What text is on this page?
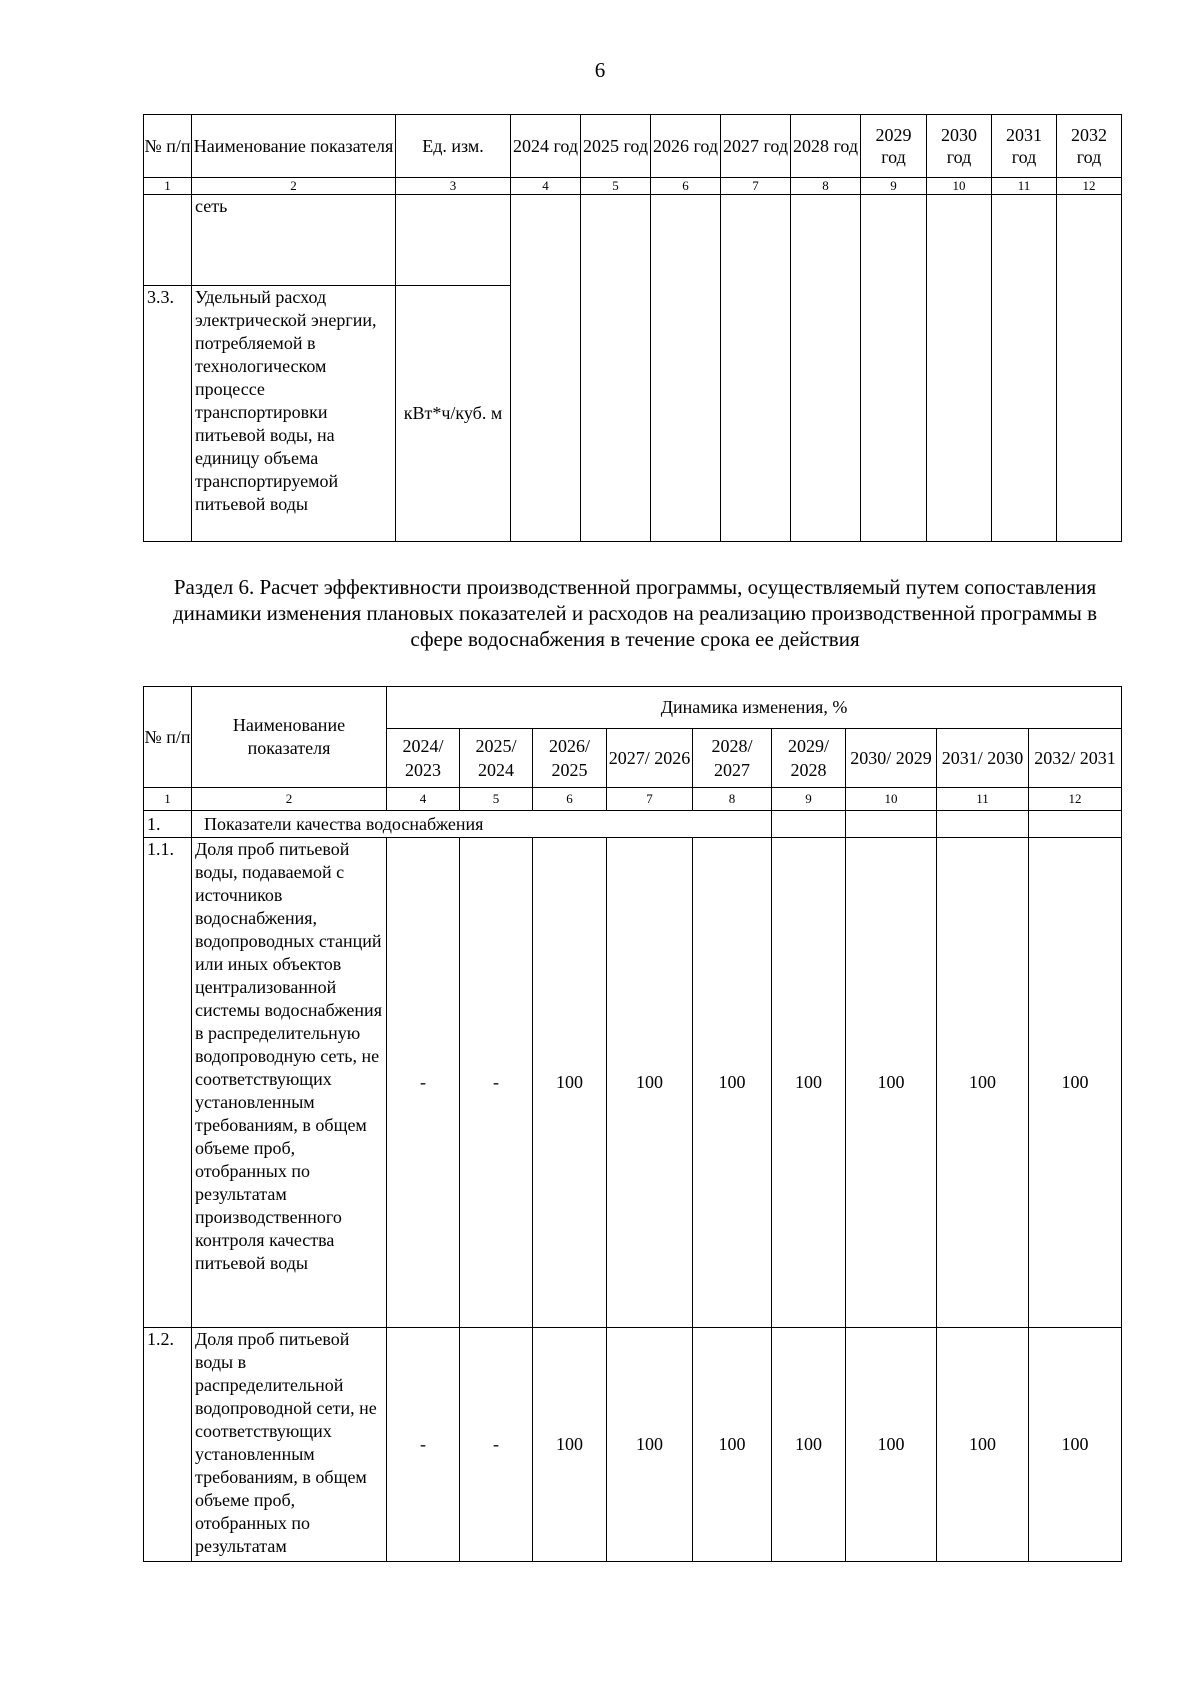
6
№ п/п	Наименование показателя	Ед. изм.	2024 год	2025 год	2026 год	2027 год	2028 год	2029 год	2030 год	2031 год	2032 год
1	2	3	4	5	6	7	8	9	10	11	12
	сеть										
3.3.	Удельный расход электрической энергии, потребляемой в технологическом процессе транспортировки питьевой воды, на единицу объема транспортируемой питьевой воды	кВт*ч/куб. м									
Раздел 6. Расчет эффективности производственной программы, осуществляемый путем сопоставления динамики изменения плановых показателей и расходов на реализацию производственной программы в сфере водоснабжения в течение срока ее действия
№ п/п	Наименование показателя	Динамика изменения, %								
		2024/ 2023	2025/ 2024	2026/ 2025	2027/ 2026	2028/ 2027	2029/ 2028	2030/ 2029	2031/ 2030	2032/ 2031
1	2	4	5	6	7	8	9	10	11	12
1.	Показатели качества водоснабжения									
1.1.	Доля проб питьевой воды, подаваемой с источников водоснабжения, водопроводных станций или иных объектов централизованной системы водоснабжения в распределительную водопроводную сеть, не соответствующих установленным требованиям, в общем объеме проб, отобранных по результатам производственного контроля качества питьевой воды	-	-	100	100	100	100	100	100	100
1.2.	Доля проб питьевой воды в распределительной водопроводной сети, не соответствующих установленным требованиям, в общем объеме проб, отобранных по результатам	-	-	100	100	100	100	100	100	100
